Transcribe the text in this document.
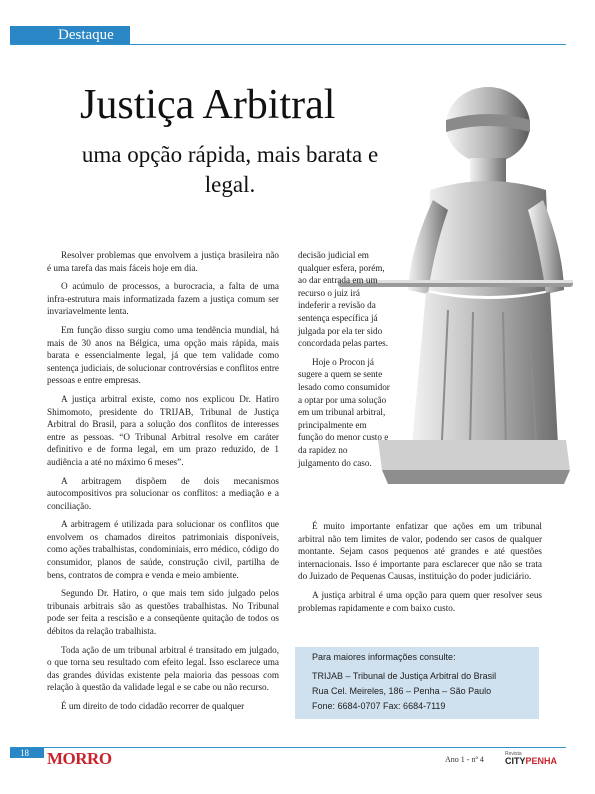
Destaque
Justiça Arbitral
uma opção rápida, mais barata e legal.

Resolver problemas que envolvem a justiça brasileira não é uma tarefa das mais fáceis hoje em dia.

O acúmulo de processos, a burocracia, a falta de uma infra-estrutura mais informatizada fazem a justiça comum ser invariavelmente lenta.

Em função disso surgiu como uma tendência mundial, há mais de 30 anos na Bélgica, uma opção mais rápida, mais barata e essencialmente legal, já que tem validade como sentença judiciais, de solucionar controvérsias e conflitos entre pessoas e entre empresas.

A justiça arbitral existe, como nos explicou Dr. Hatiro Shimomoto, presidente do TRIJAB, Tribunal de Justiça Arbitral do Brasil, para a solução dos conflitos de interesses entre as pessoas. “O Tribunal Arbitral resolve em caráter definitivo e de forma legal, em um prazo reduzido, de 1 audiência a até no máximo 6 meses”.

A arbitragem dispõem de dois mecanismos autocompositivos pra solucionar os conflitos: a mediação e a conciliação.

A arbitragem é utilizada para solucionar os conflitos que envolvem os chamados direitos patrimoniais disponíveis, como ações trabalhistas, condominiais, erro médico, código do consumidor, planos de saúde, construção civil, partilha de bens, contratos de compra e venda e meio ambiente.

Segundo Dr. Hatiro, o que mais tem sido julgado pelos tribunais arbitrais são as questões trabalhistas. No Tribunal pode ser feita a rescisão e a conseqüente quitação de todos os débitos da relação trabalhista.

Toda ação de um tribunal arbitral é transitado em julgado, o que torna seu resultado com efeito legal. Isso esclarece uma das grandes dúvidas existente pela maioria das pessoas com relação à questão da validade legal e se cabe ou não recurso.

É um direito de todo cidadão recorrer de qualquer

decisão judicial em qualquer esfera, porém, ao dar entrada em um recurso o juiz irá indeferir a revisão da sentença específica já julgada por ela ter sido concordada pelas partes.

Hoje o Procon já sugere a quem se sente lesado como consumidor a optar por uma solução em um tribunal arbitral, principalmente em função do menor custo e da rapidez no julgamento do caso.

É muito importante enfatizar que ações em um tribunal arbitral não tem limites de valor, podendo ser casos de qualquer montante. Sejam casos pequenos até grandes e até questões internacionais. Isso é importante para esclarecer que não se trata do Juizado de Pequenas Causas, instituição do poder judiciário.

A justiça arbitral é uma opção para quem quer resolver seus problemas rapidamente e com baixo custo.

Para maiores informações consulte:
TRIJAB – Tribunal de Justiça Arbitral do Brasil
Rua Cel. Meireles, 186 – Penha – São Paulo
Fone: 6684-0707 Fax: 6684-7119
18 MORRO	Ano 1 - nº 4
Revista
CITYPENHA
